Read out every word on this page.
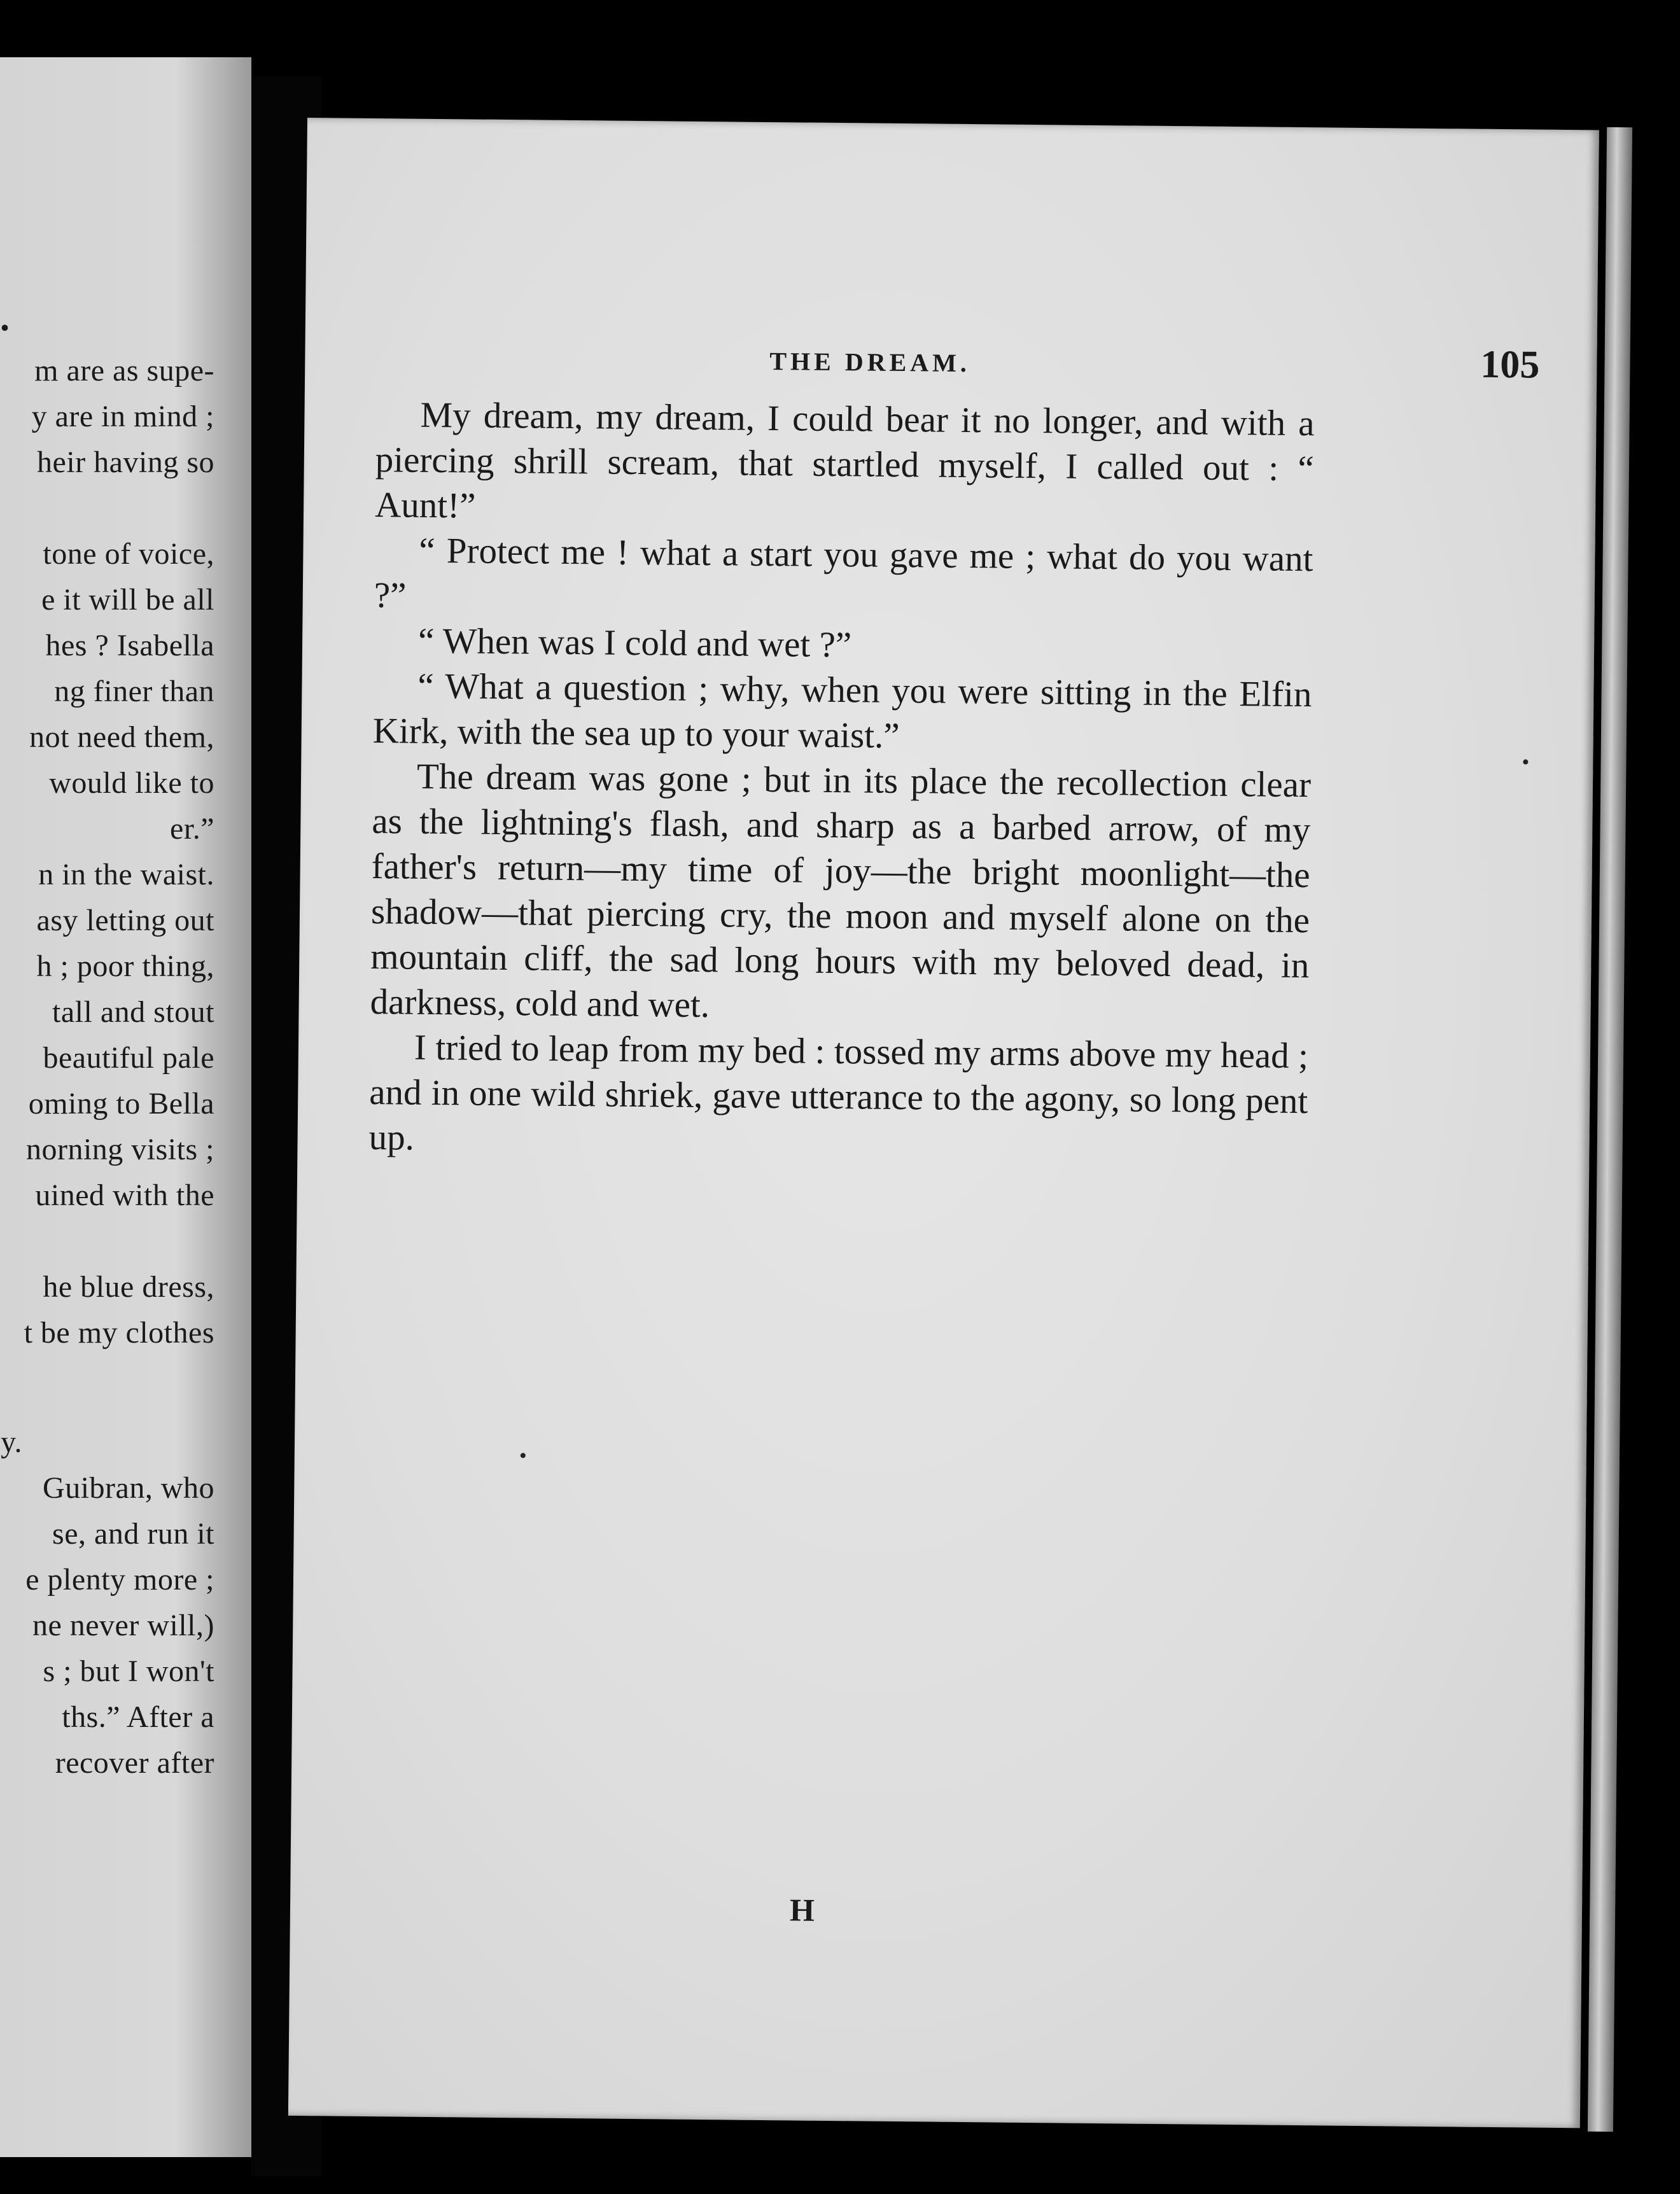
.
m are as supe-
y are in mind ;
heir having so
tone of voice,
e it will be all
hes ? Isabella
ng finer than
not need them,
would like to
er.”
n in the waist.
asy letting out
h ; poor thing,
tall and stout
beautiful pale
oming to Bella
norning visits ;
uined with the
he blue dress,
t be my clothes
y.
Guibran, who
se, and run it
e plenty more ;
ne never will,)
s ; but I won't
ths.” After a
recover after
THE DREAM.	105

My dream, my dream, I could bear it no longer, and with a piercing shrill scream, that startled myself, I called out : “ Aunt!”

“ Protect me ! what a start you gave me ; what do you want ?”

“ When was I cold and wet ?”

“ What a question ; why, when you were sitting in the Elfin Kirk, with the sea up to your waist.”

The dream was gone ; but in its place the recollection clear as the lightning's flash, and sharp as a barbed arrow, of my father's return—my time of joy—the bright moonlight—the shadow—that piercing cry, the moon and myself alone on the mountain cliff, the sad long hours with my beloved dead, in darkness, cold and wet.

I tried to leap from my bed : tossed my arms above my head ; and in one wild shriek, gave utterance to the agony, so long pent up.

H
